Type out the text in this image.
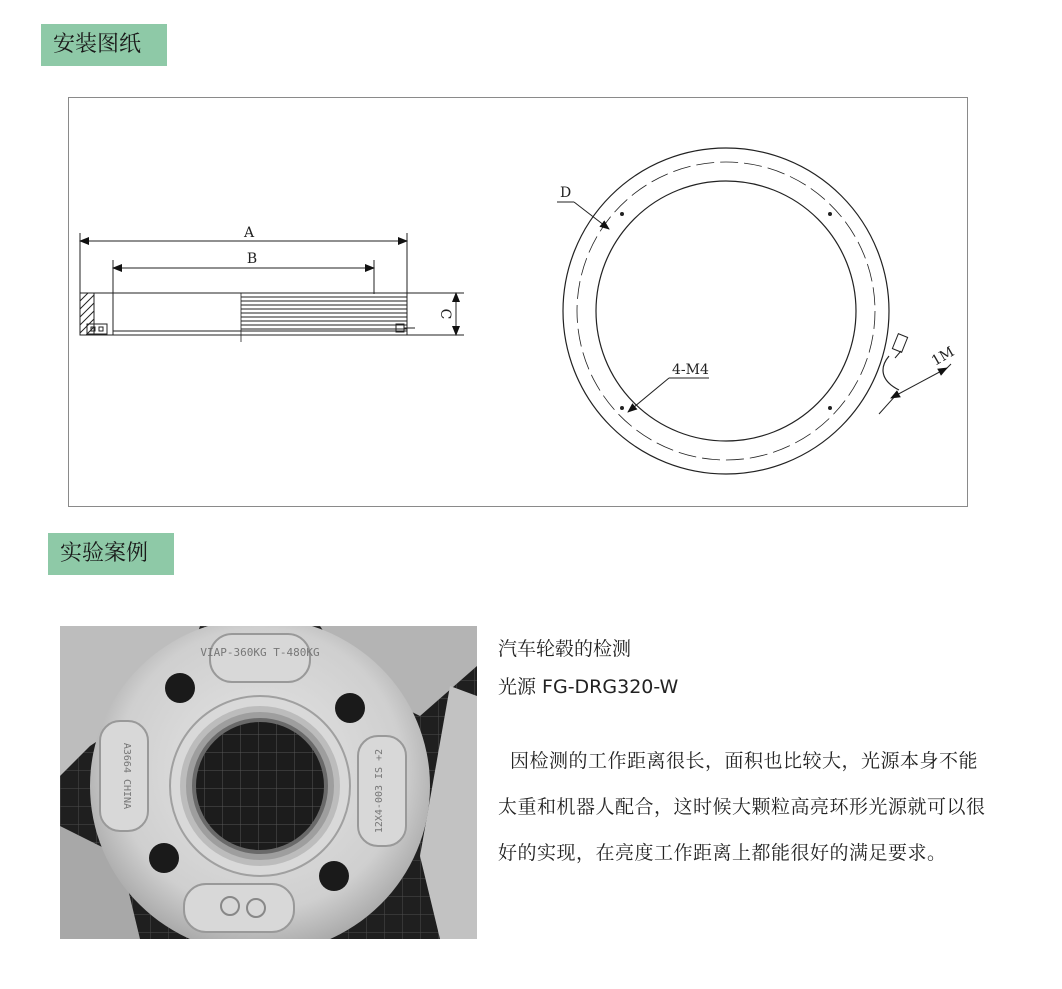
安装图纸
A
B
C
D
4-M4
1M
实验案例
VIAP-360KG T-480KG
A3664 CHINA	12X4-003 IS +2
汽车轮毂的检测
光源 FG-DRG320-W
因检测的工作距离很长，面积也比较大，光源本身不能太重和机器人配合，这时候大颗粒高亮环形光源就可以很好的实现，在亮度工作距离上都能很好的满足要求。
